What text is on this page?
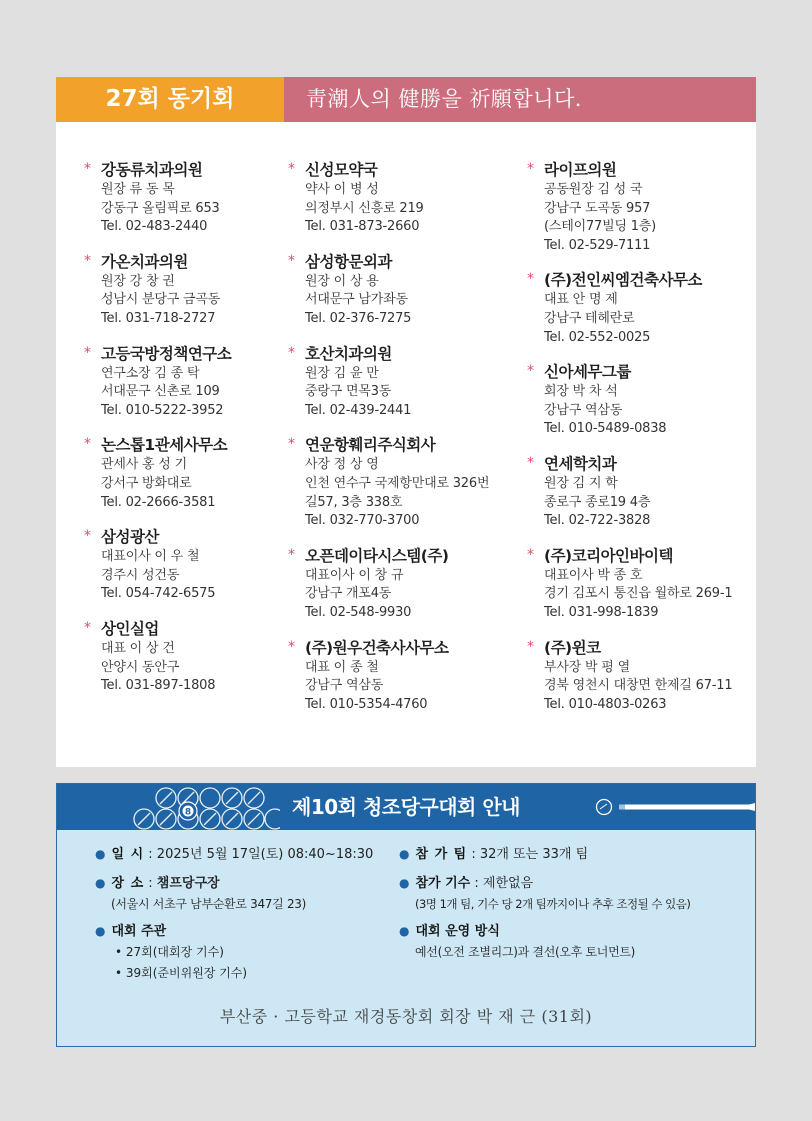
27회 동기회	靑潮人의 健勝을 祈願합니다.
* 강동류치과의원
원장 류 동 목
강동구 올림픽로 653
Tel. 02-483-2440
* 가온치과의원
원장 강 창 권
성남시 분당구 금곡동
Tel. 031-718-2727
* 고등국방정책연구소
연구소장 김 종 탁
서대문구 신촌로 109
Tel. 010-5222-3952
* 논스톱1관세사무소
관세사 홍 성 기
강서구 방화대로
Tel. 02-2666-3581
* 삼성광산
대표이사 이 우 철
경주시 성건동
Tel. 054-742-6575
* 상인실업
대표 이 상 건
안양시 동안구
Tel. 031-897-1808
* 신성모약국
약사 이 병 성
의정부시 신흥로 219
Tel. 031-873-2660
* 삼성항문외과
원장 이 상 용
서대문구 남가좌동
Tel. 02-376-7275
* 호산치과의원
원장 김 윤 만
중랑구 면목3동
Tel. 02-439-2441
* 연운항훼리주식회사
사장 정 상 영
인천 연수구 국제항만대로 326번
길57, 3층 338호
Tel. 032-770-3700
* 오픈데이타시스템(주)
대표이사 이 창 규
강남구 개포4동
Tel. 02-548-9930
* (주)원우건축사사무소
대표 이 종 철
강남구 역삼동
Tel. 010-5354-4760
* 라이프의원
공동원장 김 성 국
강남구 도곡동 957
(스테이77빌딩 1층)
Tel. 02-529-7111
* (주)전인씨엠건축사무소
대표 안 명 제
강남구 테헤란로
Tel. 02-552-0025
* 신아세무그룹
회장 박 차 석
강남구 역삼동
Tel. 010-5489-0838
* 연세학치과
원장 김 지 학
종로구 종로19 4층
Tel. 02-722-3828
* (주)코리아인바이텍
대표이사 박 종 호
경기 김포시 통진읍 월하로 269-1
Tel. 031-998-1839
* (주)윈코
부사장 박 평 열
경북 영천시 대창면 한제길 67-11
Tel. 010-4803-0263
8	제10회 청조당구대회 안내
● 일 시 : 2025년 5월 17일(토) 08:40~18:30
● 장 소 : 챔프당구장
(서울시 서초구 남부순환로 347길 23)
● 대회 주관
• 27회(대회장 기수)
• 39회(준비위원장 기수)
● 참 가 팀 : 32개 또는 33개 팀
● 참가 기수 : 제한없음
(3명 1개 팀, 기수 당 2개 팀까지이나 추후 조정될 수 있음)
● 대회 운영 방식
예선(오전 조별리그)과 결선(오후 토너먼트)
부산중 · 고등학교 재경동창회 회장 박 재 근 (31회)
